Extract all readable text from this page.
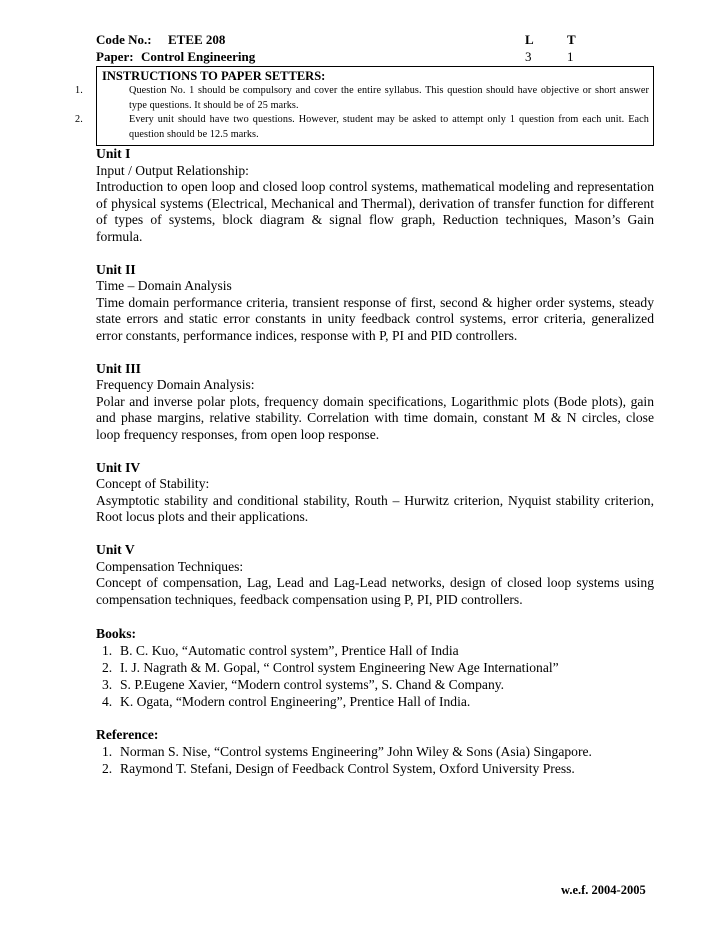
Code No.: ETEE 208	L	T
Paper: Control Engineering	3	1
INSTRUCTIONS TO PAPER SETTERS:
1.	Question No. 1 should be compulsory and cover the entire syllabus. This question should have objective or short answer type questions. It should be of 25 marks.
2.	Every unit should have two questions. However, student may be asked to attempt only 1 question from each unit. Each question should be 12.5 marks.
Unit I
Input / Output Relationship:

Introduction to open loop and closed loop control systems, mathematical modeling and representation of physical systems (Electrical, Mechanical and Thermal), derivation of transfer function for different of types of systems, block diagram & signal flow graph, Reduction techniques, Mason’s Gain formula.

Unit II
Time – Domain Analysis

Time domain performance criteria, transient response of first, second & higher order systems, steady state errors and static error constants in unity feedback control systems, error criteria, generalized error constants, performance indices, response with P, PI and PID controllers.

Unit III
Frequency Domain Analysis:

Polar and inverse polar plots, frequency domain specifications, Logarithmic plots (Bode plots), gain and phase margins, relative stability. Correlation with time domain, constant M & N circles, close loop frequency responses, from open loop response.

Unit IV
Concept of Stability:

Asymptotic stability and conditional stability, Routh – Hurwitz criterion, Nyquist stability criterion, Root locus plots and their applications.

Unit V
Compensation Techniques:

Concept of compensation, Lag, Lead and Lag-Lead networks, design of closed loop systems using compensation techniques, feedback compensation using P, PI, PID controllers.

Books:
1. B. C. Kuo, “Automatic control system”, Prentice Hall of India
2. I. J. Nagrath & M. Gopal, “ Control system Engineering New Age International”
3. S. P.Eugene Xavier, “Modern control systems”, S. Chand & Company.
4. K. Ogata, “Modern control Engineering”, Prentice Hall of India.
Reference:
1. Norman S. Nise, “Control systems Engineering” John Wiley & Sons (Asia) Singapore.
2. Raymond T. Stefani, Design of Feedback Control System, Oxford University Press.
w.e.f. 2004-2005
